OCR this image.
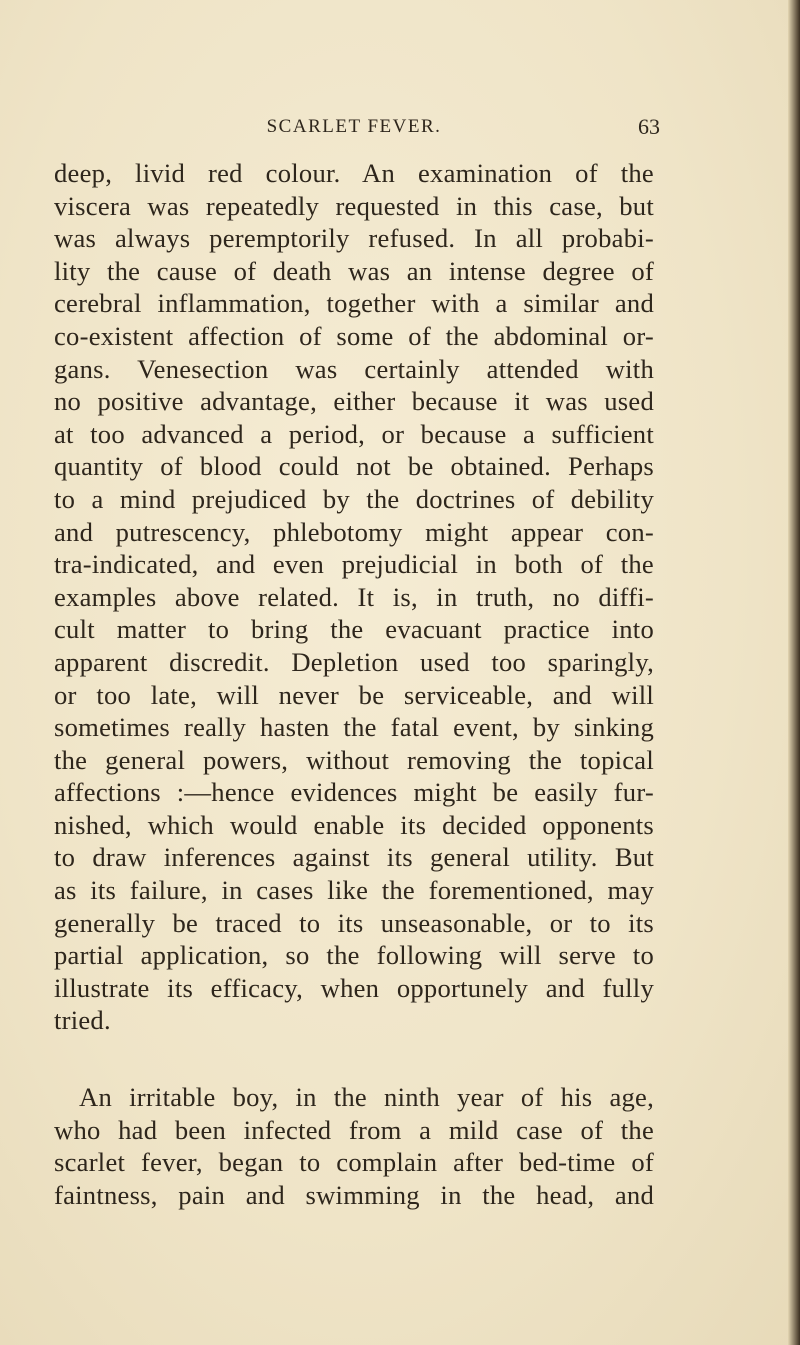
SCARLET FEVER.	63
deep, livid red colour. An examination of the
viscera was repeatedly requested in this case, but
was always peremptorily refused. In all probabi-
lity the cause of death was an intense degree of
cerebral inflammation, together with a similar and
co-existent affection of some of the abdominal or-
gans. Venesection was certainly attended with
no positive advantage, either because it was used
at too advanced a period, or because a sufficient
quantity of blood could not be obtained. Perhaps
to a mind prejudiced by the doctrines of debility
and putrescency, phlebotomy might appear con-
tra-indicated, and even prejudicial in both of the
examples above related. It is, in truth, no diffi-
cult matter to bring the evacuant practice into
apparent discredit. Depletion used too sparingly,
or too late, will never be serviceable, and will
sometimes really hasten the fatal event, by sinking
the general powers, without removing the topical
affections :—hence evidences might be easily fur-
nished, which would enable its decided opponents
to draw inferences against its general utility. But
as its failure, in cases like the forementioned, may
generally be traced to its unseasonable, or to its
partial application, so the following will serve to
illustrate its efficacy, when opportunely and fully
tried.
An irritable boy, in the ninth year of his age,
who had been infected from a mild case of the
scarlet fever, began to complain after bed-time of
faintness, pain and swimming in the head, and
